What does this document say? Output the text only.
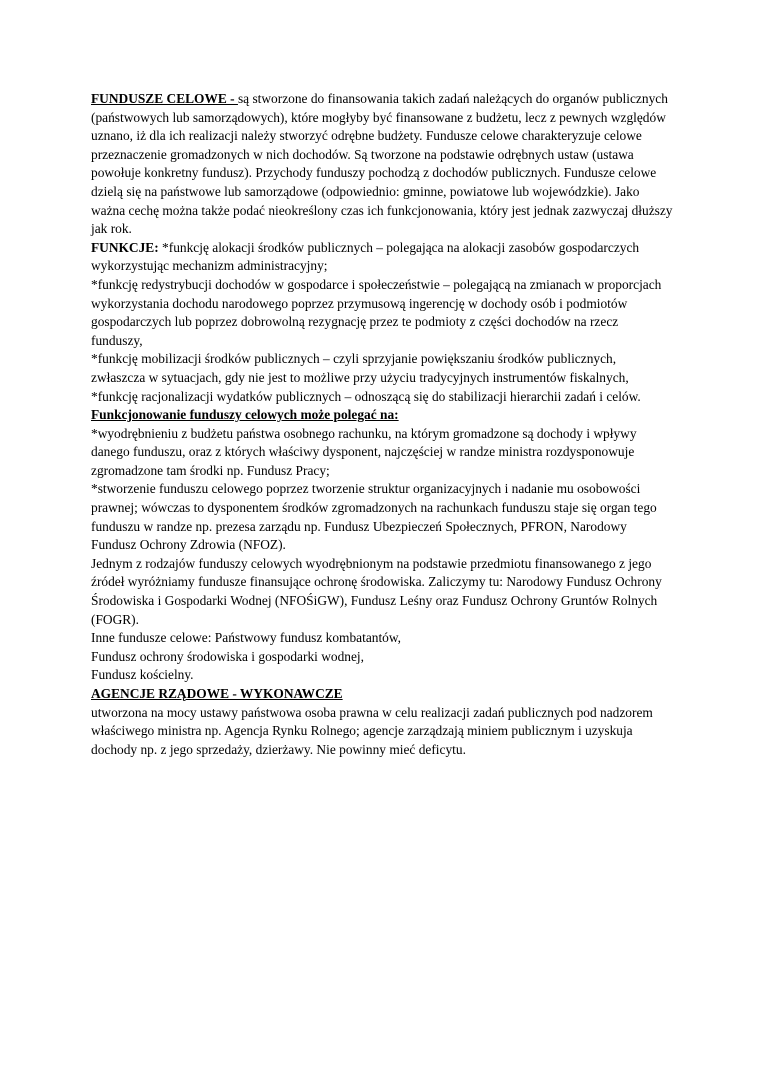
FUNDUSZE CELOWE - są stworzone do finansowania takich zadań należących do organów publicznych (państwowych lub samorządowych), które mogłyby być finansowane z budżetu, lecz z pewnych względów uznano, iż dla ich realizacji należy stworzyć odrębne budżety. Fundusze celowe charakteryzuje celowe przeznaczenie gromadzonych w nich dochodów. Są tworzone na podstawie odrębnych ustaw (ustawa powołuje konkretny fundusz). Przychody funduszy pochodzą z dochodów publicznych. Fundusze celowe dzielą się na państwowe lub samorządowe (odpowiednio: gminne, powiatowe lub wojewódzkie). Jako ważna cechę można także podać nieokreślony czas ich funkcjonowania, który jest jednak zazwyczaj dłuższy jak rok.

FUNKCJE: *funkcję alokacji środków publicznych – polegająca na alokacji zasobów gospodarczych wykorzystując mechanizm administracyjny;

*funkcję redystrybucji dochodów w gospodarce i społeczeństwie – polegającą na zmianach w proporcjach wykorzystania dochodu narodowego poprzez przymusową ingerencję w dochody osób i podmiotów gospodarczych lub poprzez dobrowolną rezygnację przez te podmioty z części dochodów na rzecz funduszy,

*funkcję mobilizacji środków publicznych – czyli sprzyjanie powiększaniu środków publicznych, zwłaszcza w sytuacjach, gdy nie jest to możliwe przy użyciu tradycyjnych instrumentów fiskalnych,

*funkcję racjonalizacji wydatków publicznych – odnoszącą się do stabilizacji hierarchii zadań i celów.

Funkcjonowanie funduszy celowych może polegać na:

*wyodrębnieniu z budżetu państwa osobnego rachunku, na którym gromadzone są dochody i wpływy danego funduszu, oraz z których właściwy dysponent, najczęściej w randze ministra rozdysponowuje zgromadzone tam środki np. Fundusz Pracy;

*stworzenie funduszu celowego poprzez tworzenie struktur organizacyjnych i nadanie mu osobowości prawnej; wówczas to dysponentem środków zgromadzonych na rachunkach funduszu staje się organ tego funduszu w randze np. prezesa zarządu np. Fundusz Ubezpieczeń Społecznych, PFRON, Narodowy Fundusz Ochrony Zdrowia (NFOZ).

Jednym z rodzajów funduszy celowych wyodrębnionym na podstawie przedmiotu finansowanego z jego źródeł wyróżniamy fundusze finansujące ochronę środowiska. Zaliczymy tu: Narodowy Fundusz Ochrony Środowiska i Gospodarki Wodnej (NFOŚiGW), Fundusz Leśny oraz Fundusz Ochrony Gruntów Rolnych (FOGR).

Inne fundusze celowe: Państwowy fundusz kombatantów,

Fundusz ochrony środowiska i gospodarki wodnej,

Fundusz kościelny.

AGENCJE RZĄDOWE - WYKONAWCZE

utworzona na mocy ustawy państwowa osoba prawna w celu realizacji zadań publicznych pod nadzorem właściwego ministra np. Agencja Rynku Rolnego; agencje zarządzają miniem publicznym i uzyskuja dochody np. z jego sprzedaży, dzierżawy. Nie powinny mieć deficytu.
